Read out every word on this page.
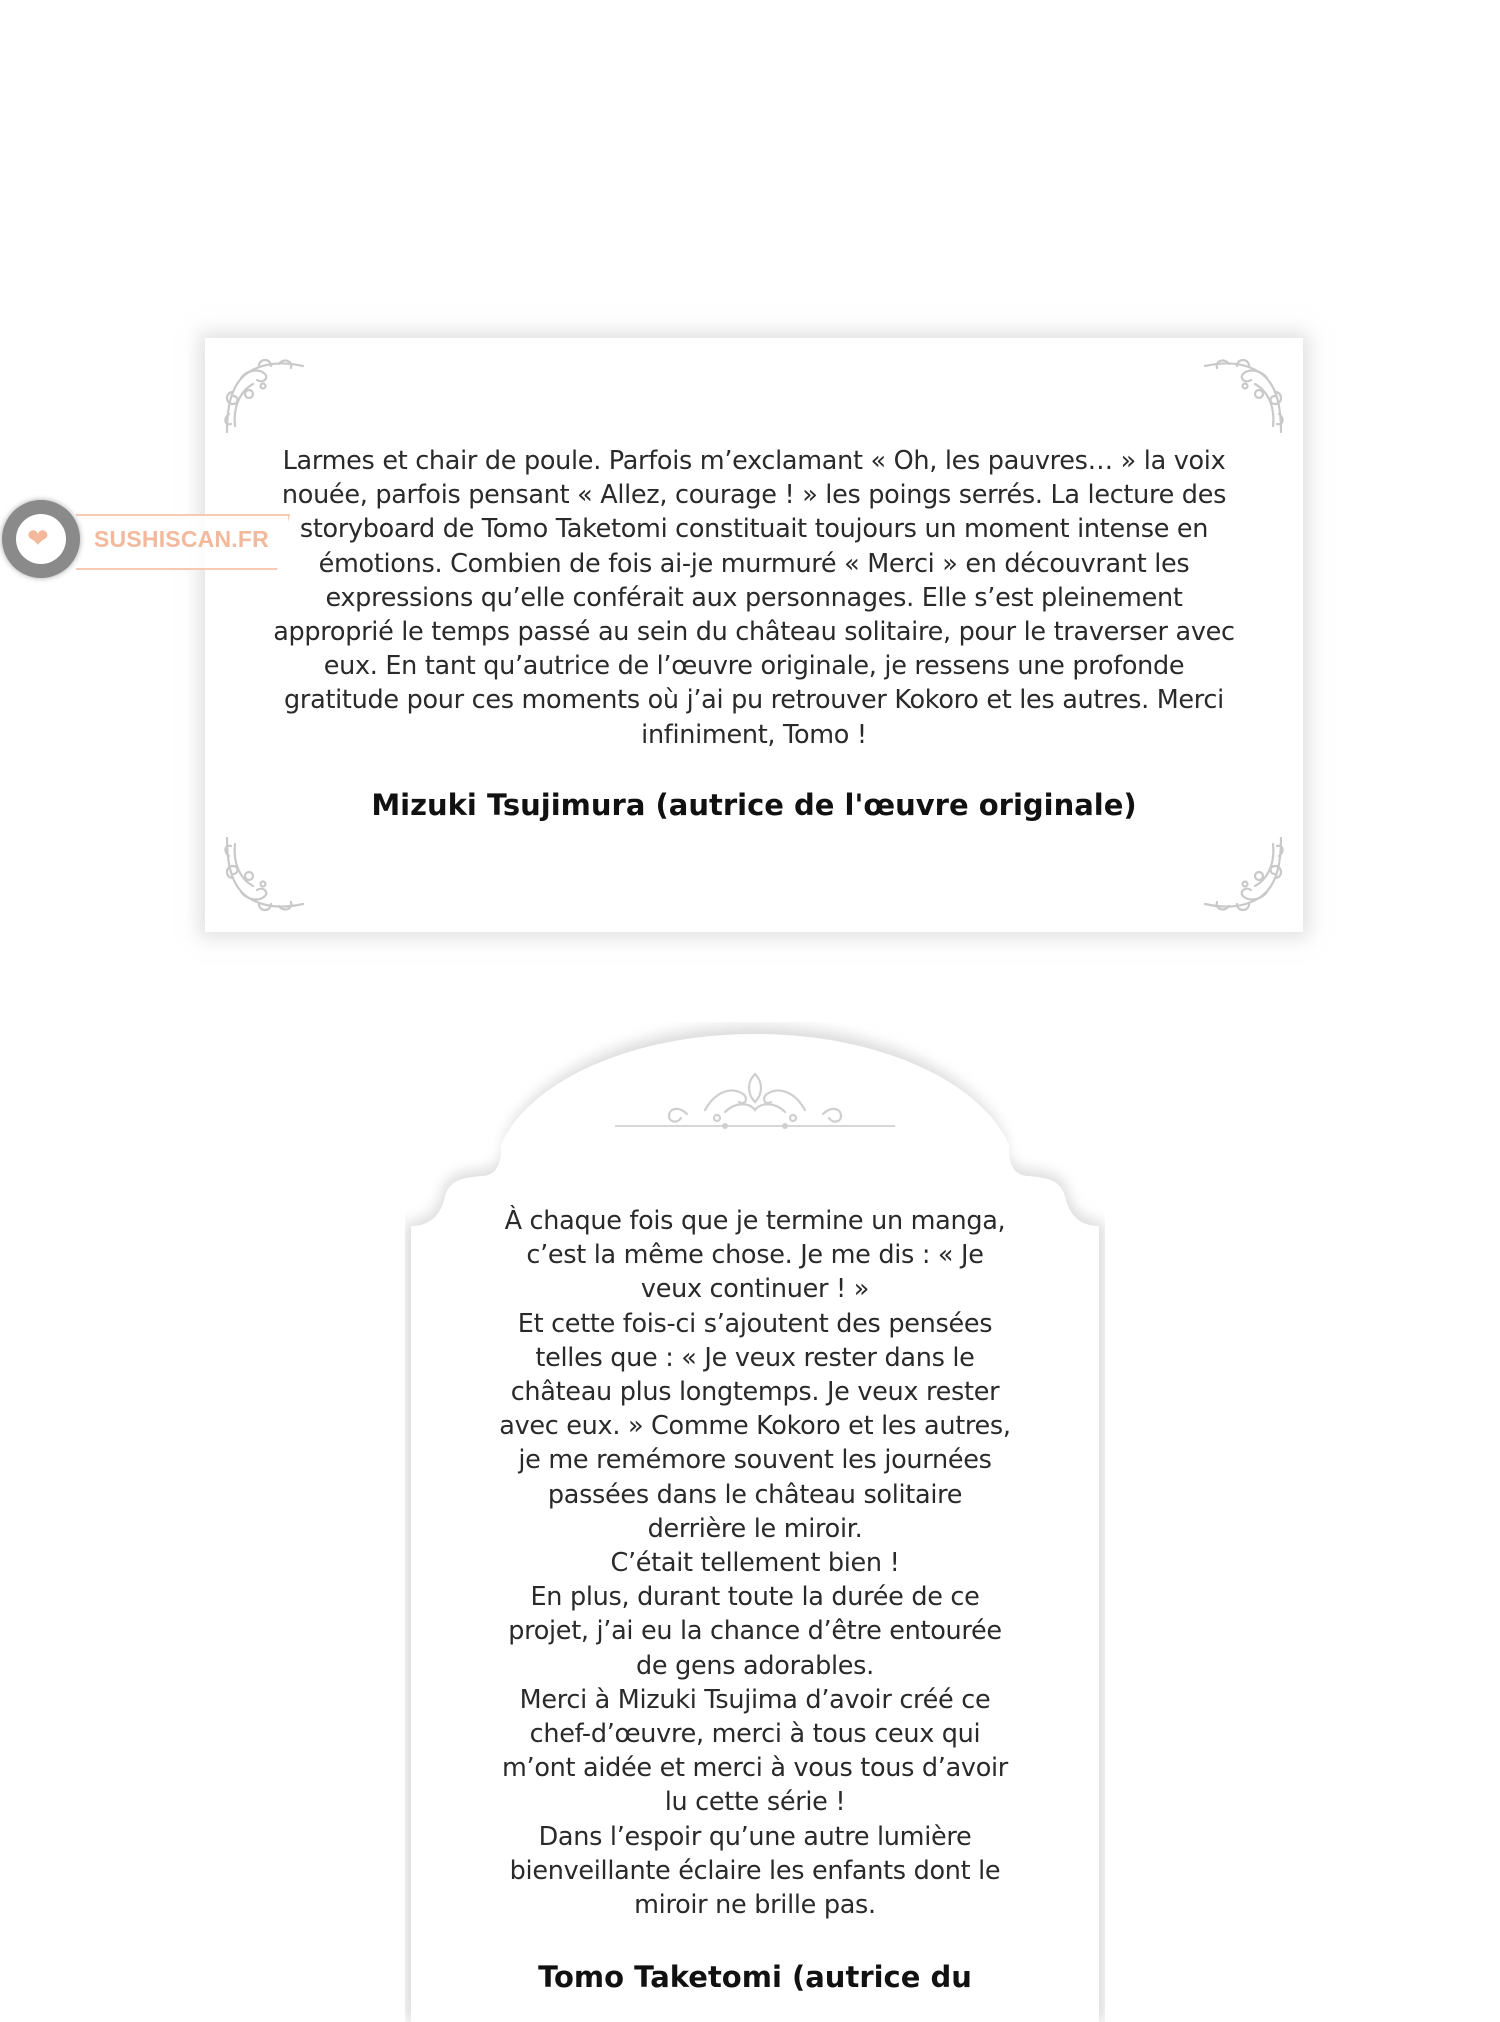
Larmes et chair de poule. Parfois m’exclamant « Oh, les pauvres… » la voix nouée, parfois pensant « Allez, courage ! » les poings serrés. La lecture des storyboard de Tomo Taketomi constituait toujours un moment intense en émotions. Combien de fois ai-je murmuré « Merci » en découvrant les expressions qu’elle conférait aux personnages. Elle s’est pleinement approprié le temps passé au sein du château solitaire, pour le traverser avec eux. En tant qu’autrice de l’œuvre originale, je ressens une profonde gratitude pour ces moments où j’ai pu retrouver Kokoro et les autres. Merci infiniment, Tomo !

Mizuki Tsujimura (autrice de l'œuvre originale)

❤ SUSHISCAN.FR

À chaque fois que je termine un manga, c’est la même chose. Je me dis : « Je veux continuer ! »
Et cette fois-ci s’ajoutent des pensées telles que : « Je veux rester dans le château plus longtemps. Je veux rester avec eux. » Comme Kokoro et les autres, je me remémore souvent les journées passées dans le château solitaire derrière le miroir.
C’était tellement bien !
En plus, durant toute la durée de ce projet, j’ai eu la chance d’être entourée de gens adorables.
Merci à Mizuki Tsujima d’avoir créé ce chef-d’œuvre, merci à tous ceux qui m’ont aidée et merci à vous tous d’avoir lu cette série !
Dans l’espoir qu’une autre lumière bienveillante éclaire les enfants dont le miroir ne brille pas.

Tomo Taketomi (autrice du
